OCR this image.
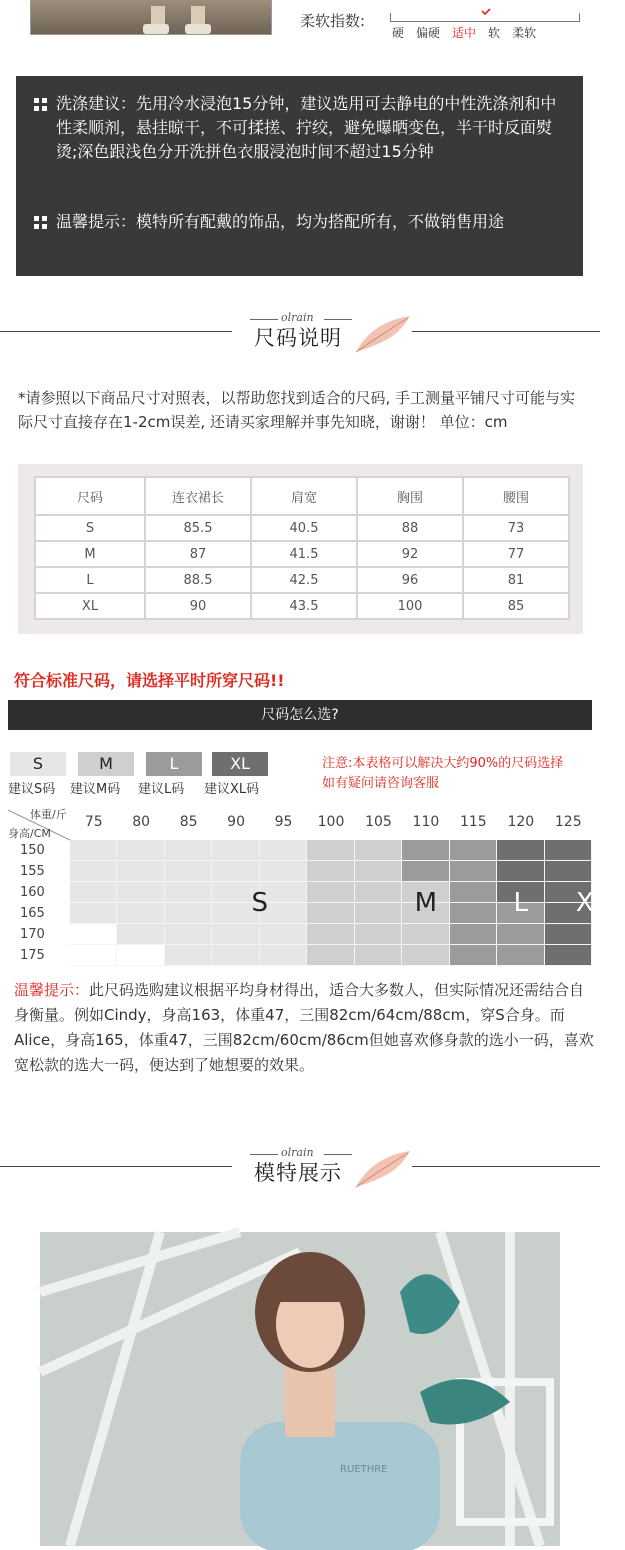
柔软指数:
硬 偏硬 适中 软 柔软
洗涤建议：先用冷水浸泡15分钟，建议选用可去静电的中性洗涤剂和中性柔顺剂，悬挂晾干，不可揉搓、拧绞，避免曝晒变色，半干时反面熨烫;深色跟浅色分开洗拼色衣服浸泡时间不超过15分钟
温馨提示：模特所有配戴的饰品，均为搭配所有，不做销售用途
olrain
尺码说明
*请参照以下商品尺寸对照表，以帮助您找到适合的尺码, 手工测量平铺尺寸可能与实际尺寸直接存在1-2cm误差, 还请买家理解并事先知晓，谢谢！ 单位：cm
尺码	连衣裙长	肩宽	胸围	腰围
S	85.5	40.5	88	73
M	87	41.5	92	77
L	88.5	42.5	96	81
XL	90	43.5	100	85
符合标准尺码，请选择平时所穿尺码!!
尺码怎么选?
S
建议S码
M
建议M码
L
建议L码
XL
建议XL码
注意:本表格可以解决大约90%的尺码选择
如有疑问请咨询客服
体重/斤
身高/CM
75	80	85	90	95	100	105	110	115	120	125
150
155
160
165
170
175
S	M	L	XL
温馨提示：此尺码选购建议根据平均身材得出，适合大多数人，但实际情况还需结合自身衡量。例如Cindy，身高163，体重47，三围82cm/64cm/88cm，穿S合身。而Alice，身高165，体重47，三围82cm/60cm/86cm但她喜欢修身款的选小一码，喜欢宽松款的选大一码，便达到了她想要的效果。
olrain
模特展示
RUETHRE
